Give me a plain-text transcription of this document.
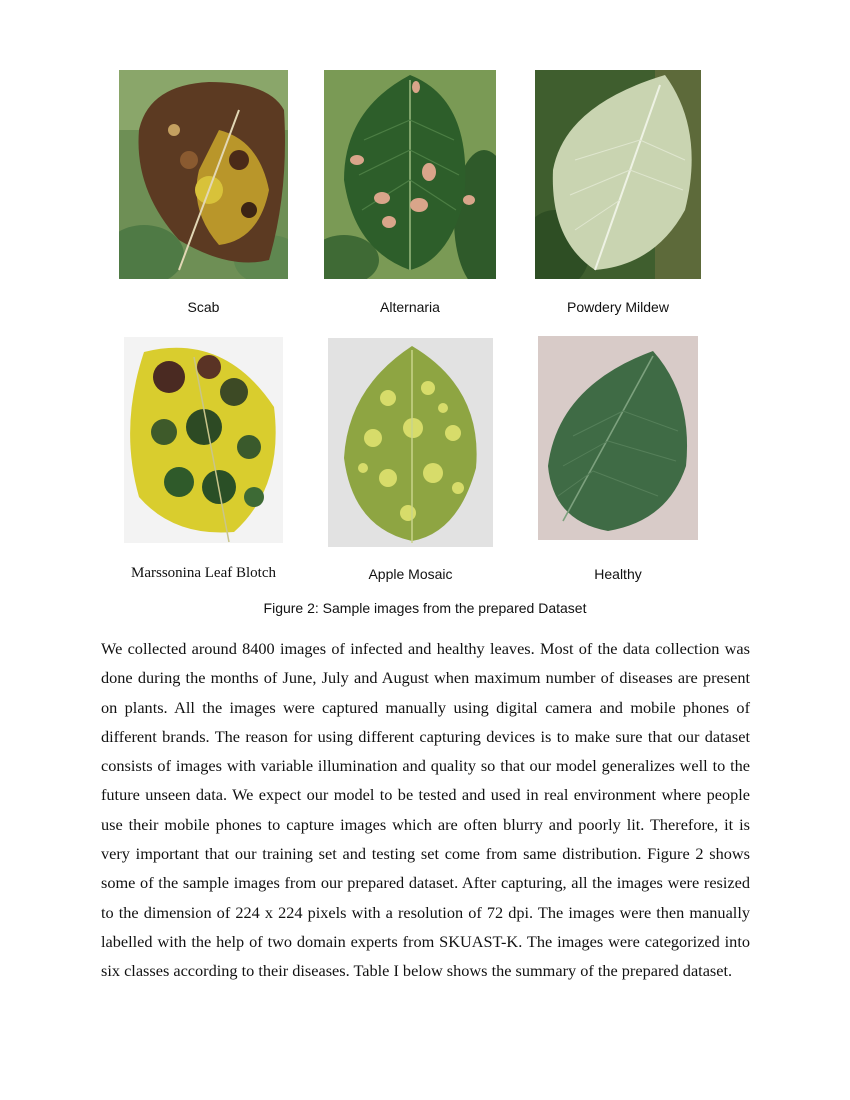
Scab	Alternaria	Powdery Mildew
Marssonina Leaf Blotch	Apple Mosaic	Healthy
Figure 2: Sample images from the prepared Dataset

We collected around 8400 images of infected and healthy leaves. Most of the data collection was done during the months of June, July and August when maximum number of diseases are present on plants. All the images were captured manually using digital camera and mobile phones of different brands. The reason for using different capturing devices is to make sure that our dataset consists of images with variable illumination and quality so that our model generalizes well to the future unseen data. We expect our model to be tested and used in real environment where people use their mobile phones to capture images which are often blurry and poorly lit. Therefore, it is very important that our training set and testing set come from same distribution. Figure 2 shows some of the sample images from our prepared dataset. After capturing, all the images were resized to the dimension of 224 x 224 pixels with a resolution of 72 dpi. The images were then manually labelled with the help of two domain experts from SKUAST-K. The images were categorized into six classes according to their diseases. Table I below shows the summary of the prepared dataset.
